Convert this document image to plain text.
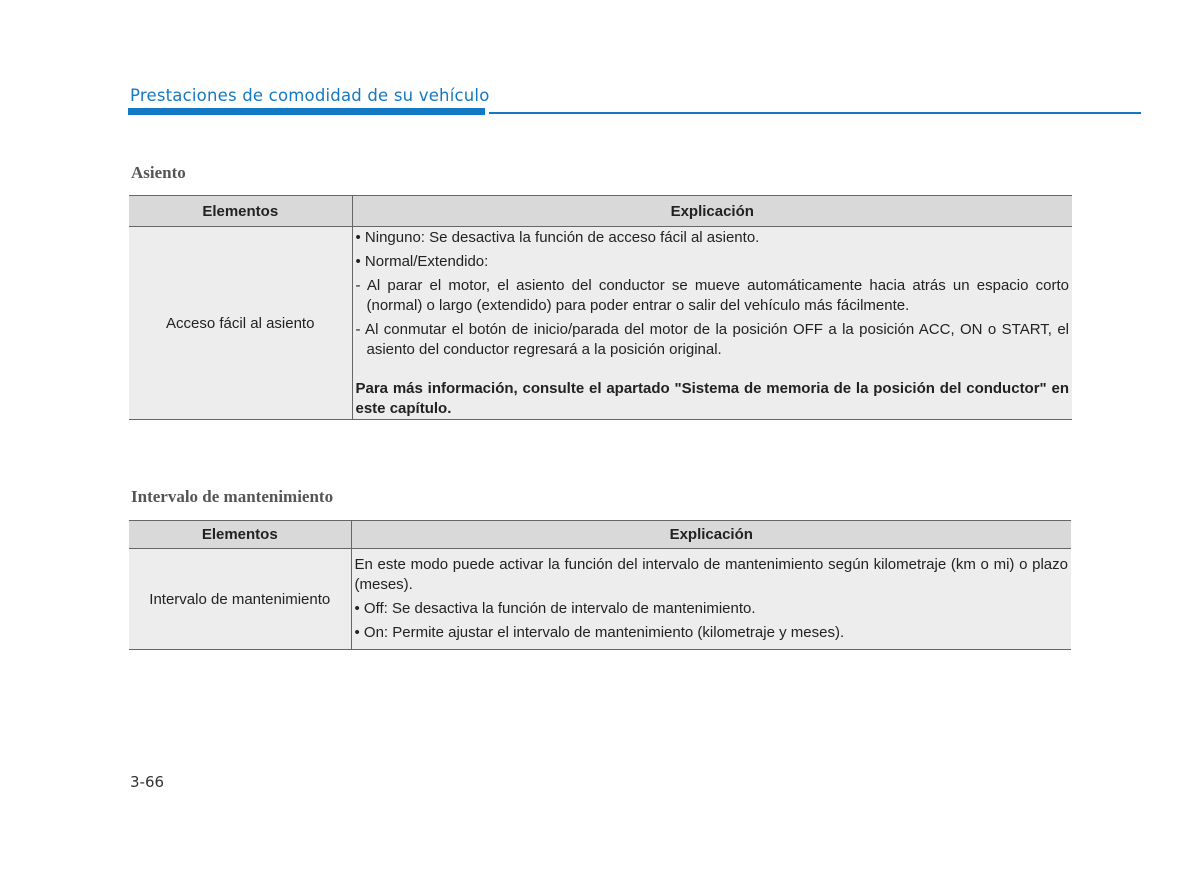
Prestaciones de comodidad de su vehículo
Asiento
Elementos	Explicación
Acceso fácil al asiento	• Ninguno: Se desactiva la función de acceso fácil al asiento.
• Normal/Extendido:
- Al parar el motor, el asiento del conductor se mueve automáticamente hacia atrás un espacio corto (normal) o largo (extendido) para poder entrar o salir del vehículo más fácilmente.
- Al conmutar el botón de inicio/parada del motor de la posición OFF a la posición ACC, ON o START, el asiento del conductor regresará a la posición original.
Para más información, consulte el apartado "Sistema de memoria de la posición del conductor" en este capítulo.
Intervalo de mantenimiento
Elementos	Explicación
Intervalo de mantenimiento	En este modo puede activar la función del intervalo de mantenimiento según kilometraje (km o mi) o plazo (meses).
• Off: Se desactiva la función de intervalo de mantenimiento.
• On: Permite ajustar el intervalo de mantenimiento (kilometraje y meses).
3-66
